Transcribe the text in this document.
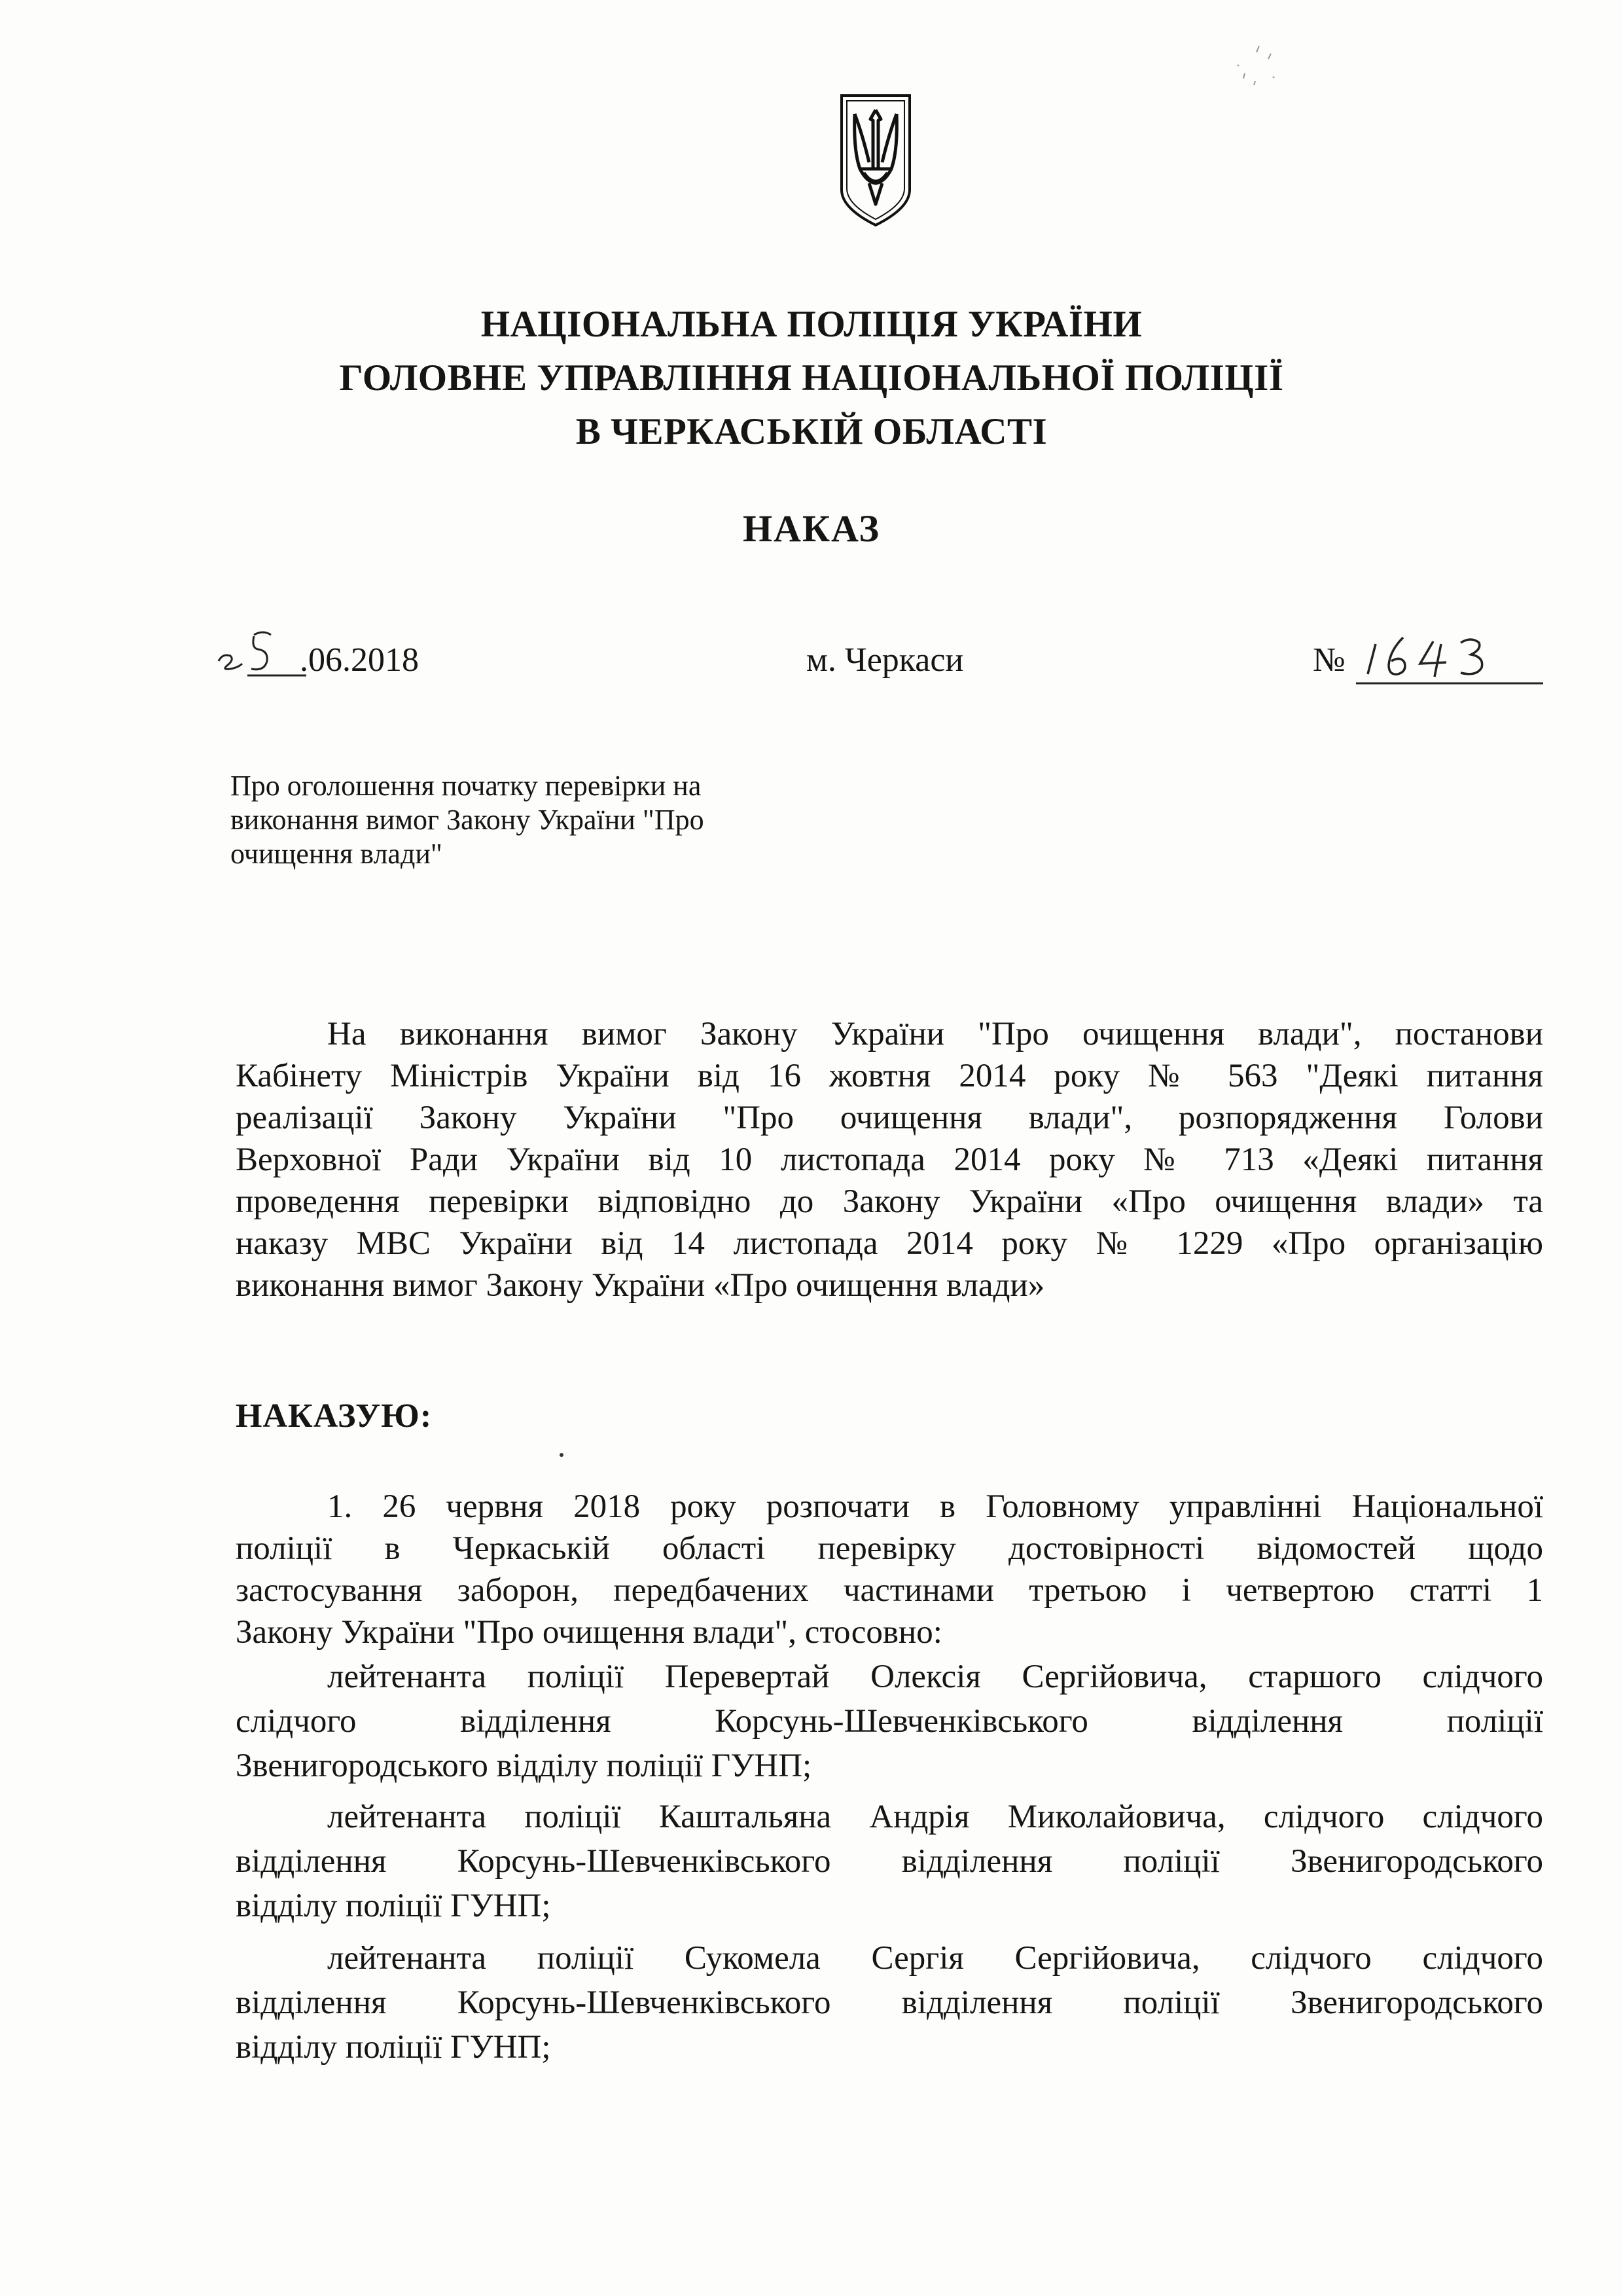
НАЦІОНАЛЬНА ПОЛІЦІЯ УКРАЇНИ
ГОЛОВНЕ УПРАВЛІННЯ НАЦІОНАЛЬНОЇ ПОЛІЦІЇ
В ЧЕРКАСЬКІЙ ОБЛАСТІ
НАКАЗ
25
.06.2018	м. Черкаси	№
1643
Про оголошення початку перевірки на
виконання вимог Закону України "Про
очищення влади"
На виконання вимог Закону України "Про очищення влади", постанови
Кабінету Міністрів України від 16 жовтня 2014 року № 563 "Деякі питання
реалізації Закону України "Про очищення влади", розпорядження Голови
Верховної Ради України від 10 листопада 2014 року № 713 «Деякі питання
проведення перевірки відповідно до Закону України «Про очищення влади» та
наказу МВС України від 14 листопада 2014 року № 1229 «Про організацію
виконання вимог Закону України «Про очищення влади»
НАКАЗУЮ:
1. 26 червня 2018 року розпочати в Головному управлінні Національної
поліції в Черкаській області перевірку достовірності відомостей щодо
застосування заборон, передбачених частинами третьою і четвертою статті 1
Закону України "Про очищення влади", стосовно:
лейтенанта поліції Перевертай Олексія Сергійовича, старшого слідчого
слідчого відділення Корсунь-Шевченківського відділення поліції
Звенигородського відділу поліції ГУНП;
лейтенанта поліції Каштальяна Андрія Миколайовича, слідчого слідчого
відділення Корсунь-Шевченківського відділення поліції Звенигородського
відділу поліції ГУНП;
лейтенанта поліції Сукомела Сергія Сергійовича, слідчого слідчого
відділення Корсунь-Шевченківського відділення поліції Звенигородського
відділу поліції ГУНП;
